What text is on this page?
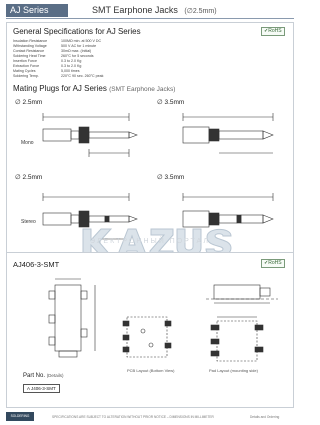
AJ Series	SMT Earphone Jacks (∅2.5mm)
General Specifications for AJ Series	✓RoHS
Insulation Resistance	100MΩ min. at 500 V DC
Withstanding Voltage	500 V AC for 1 minute
Contact Resistance	30mΩ max. (Initial)
Soldering Heat Time	260°C for 5 seconds
Insertion Force	0.3 to 2.0 Kg
Extraction Force	0.3 to 2.0 Kg
Mating Cycles	5,000 times
Soldering Temp.	220°C 90 sec. 260°C peak
Mating Plugs for AJ Series (SMT Earphone Jacks)
∅ 2.5mm	∅ 3.5mm
Mono
∅ 2.5mm	∅ 3.5mm
Stereo
ЭЛЕКТРОННЫЙ ПОРТАЛ
AJ406-3-SMT	✓RoHS
PCB Layout (Bottom View)	Pad Layout (mounting side)
Part No. (Details)
A J406-3-SMT
SOLDERING	SPECIFICATIONS ARE SUBJECT TO ALTERATION WITHOUT PRIOR NOTICE – DIMENSIONS IN MILLIMETER	Details and Ordering
